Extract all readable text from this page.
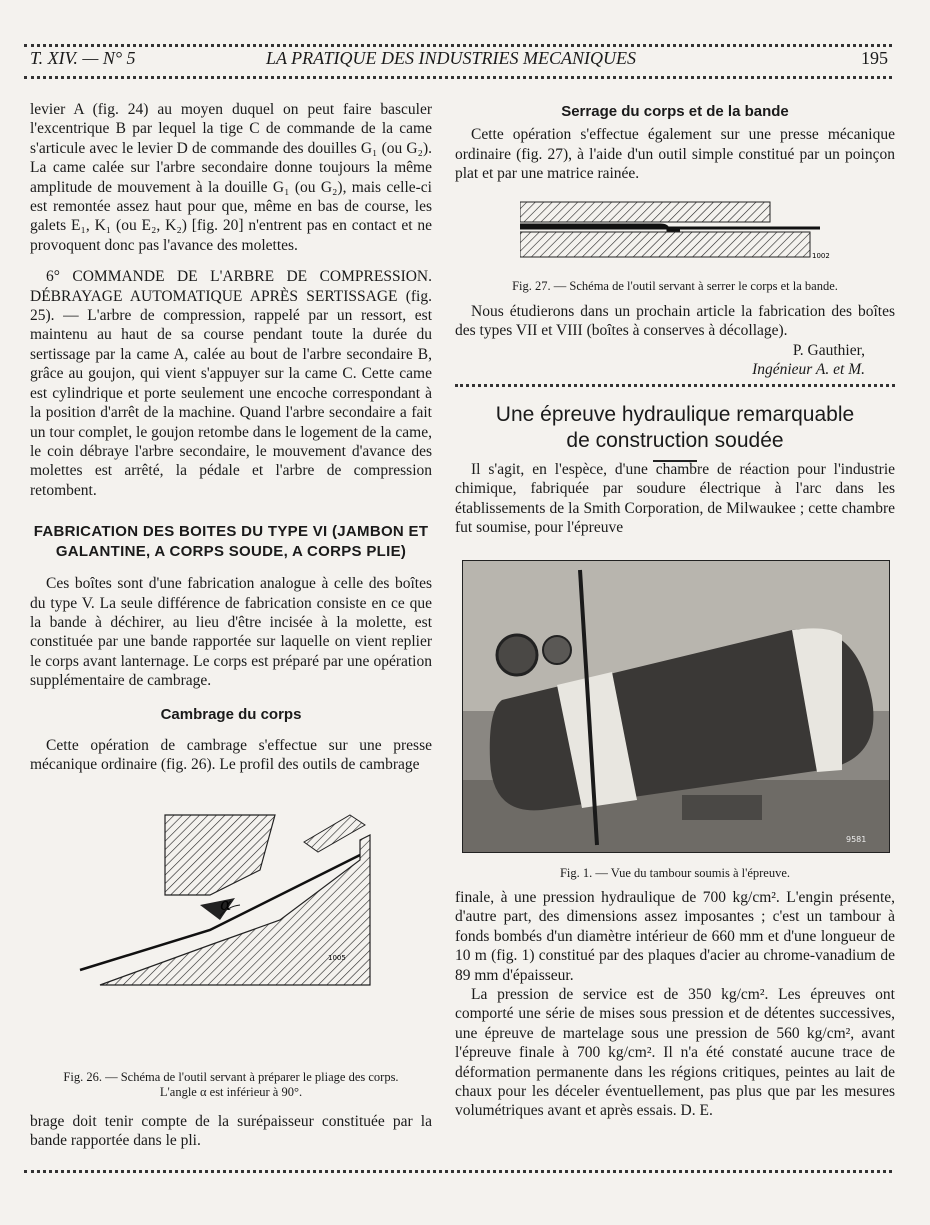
T. XIV. — N° 5	LA PRATIQUE DES INDUSTRIES MECANIQUES	195

levier A (fig. 24) au moyen duquel on peut faire basculer l'excentrique B par lequel la tige C de commande de la came s'articule avec le levier D de commande des douilles G₁ (ou G₂). La came calée sur l'arbre secondaire donne toujours la même amplitude de mouvement à la douille G₁ (ou G₂), mais celle-ci est remontée assez haut pour que, même en bas de course, les galets E₁, K₁ (ou E₂, K₂) [fig. 20] n'entrent pas en contact et ne provoquent donc pas l'avance des molettes.

6° COMMANDE DE L'ARBRE DE COMPRESSION. DÉBRAYAGE AUTOMATIQUE APRÈS SERTISSAGE (fig. 25). — L'arbre de compression, rappelé par un ressort, est maintenu au haut de sa course pendant toute la durée du sertissage par la came A, calée au bout de l'arbre secondaire B, grâce au goujon, qui vient s'appuyer sur la came C. Cette came est cylindrique et porte seulement une encoche correspondant à la position d'arrêt de la machine. Quand l'arbre secondaire a fait un tour complet, le goujon retombe dans le logement de la came, le coin débraye l'arbre secondaire, le mouvement d'avance des molettes est arrêté, la pédale et l'arbre de compression retombent.

FABRICATION DES BOITES DU TYPE VI (JAMBON ET GALANTINE, A CORPS SOUDE, A CORPS PLIE)

Ces boîtes sont d'une fabrication analogue à celle des boîtes du type V. La seule différence de fabrication consiste en ce que la bande à déchirer, au lieu d'être incisée à la molette, est constituée par une bande rapportée sur laquelle on vient replier le corps avant lanternage. Le corps est préparé par une opération supplémentaire de cambrage.

Cambrage du corps

Cette opération de cambrage s'effectue sur une presse mécanique ordinaire (fig. 26). Le profil des outils de cambrage

α
1005
Fig. 26. — Schéma de l'outil servant à préparer le pliage des corps.
L'angle α est inférieur à 90°.

brage doit tenir compte de la surépaisseur constituée par la bande rapportée dans le pli.

Serrage du corps et de la bande

Cette opération s'effectue également sur une presse mécanique ordinaire (fig. 27), à l'aide d'un outil simple constitué par un poinçon plat et par une matrice rainée.

1002
Fig. 27. — Schéma de l'outil servant à serrer le corps et la bande.

Nous étudierons dans un prochain article la fabrication des boîtes des types VII et VIII (boîtes à conserves à décollage).

P. Gauthier,
Ingénieur A. et M.
Une épreuve hydraulique remarquable
de construction soudée

Il s'agit, en l'espèce, d'une chambre de réaction pour l'industrie chimique, fabriquée par soudure électrique à l'arc dans les établissements de la Smith Corporation, de Milwaukee ; cette chambre fut soumise, pour l'épreuve

9581
Fig. 1. — Vue du tambour soumis à l'épreuve.

finale, à une pression hydraulique de 700 kg/cm². L'engin présente, d'autre part, des dimensions assez imposantes ; c'est un tambour à fonds bombés d'un diamètre intérieur de 660 mm et d'une longueur de 10 m (fig. 1) constitué par des plaques d'acier au chrome-vanadium de 89 mm d'épaisseur.

La pression de service est de 350 kg/cm². Les épreuves ont comporté une série de mises sous pression et de détentes successives, une épreuve de martelage sous une pression de 560 kg/cm², avant l'épreuve finale à 700 kg/cm². Il n'a été constaté aucune trace de déformation permanente dans les régions critiques, peintes au lait de chaux pour les déceler éventuellement, pas plus que par les mesures volumétriques avant et après essais. D. E.
